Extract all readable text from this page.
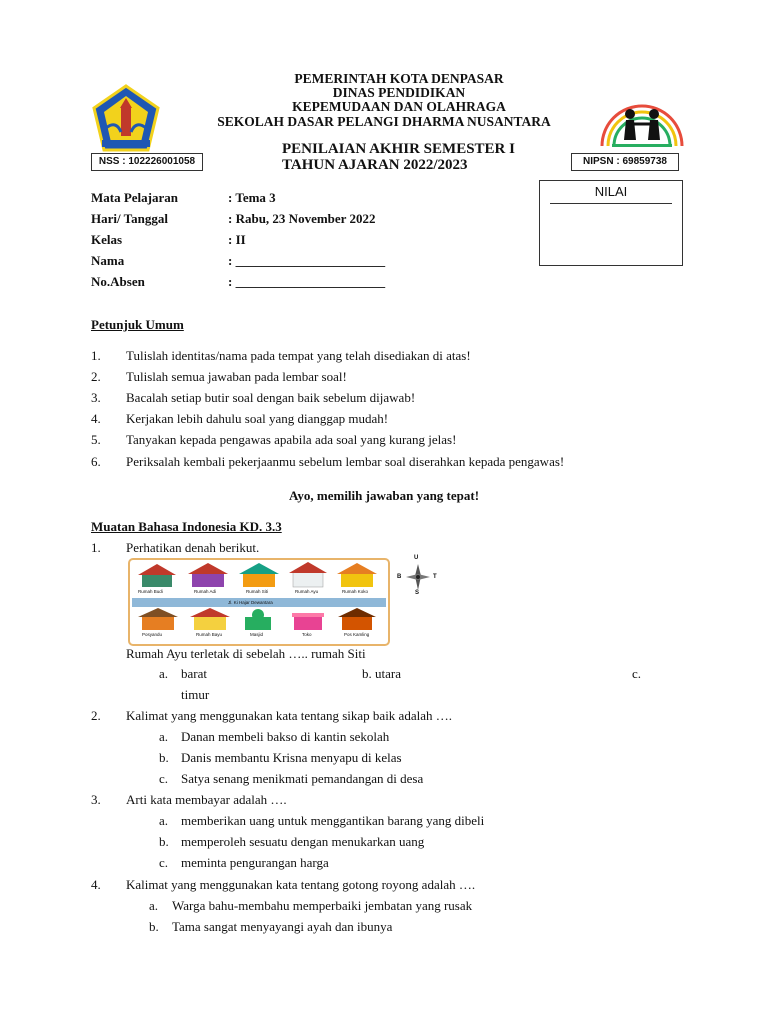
PEMERINTAH KOTA DENPASAR
DINAS PENDIDIKAN
KEPEMUDAAN DAN OLAHRAGA
SEKOLAH DASAR PELANGI DHARMA NUSANTARA
PENILAIAN AKHIR SEMESTER I
TAHUN AJARAN 2022/2023
NSS : 102226001058	NIPSN : 69859738
NILAI
Mata Pelajaran	: Tema 3
Hari/ Tanggal	: Rabu, 23 November 2022
Kelas	: II
Nama	: _______________________
No.Absen	: _______________________
Petunjuk Umum
1. Tulislah identitas/nama pada tempat yang telah disediakan di atas!
2. Tulislah semua jawaban pada lembar soal!
3. Bacalah setiap butir soal dengan baik sebelum dijawab!
4. Kerjakan lebih dahulu soal yang dianggap mudah!
5. Tanyakan kepada pengawas apabila ada soal yang kurang jelas!
6. Periksalah kembali pekerjaanmu sebelum lembar soal diserahkan kepada pengawas!
Ayo, memilih jawaban yang tepat!
Muatan Bahasa Indonesia KD. 3.3
1. Perhatikan denah berikut.
Rumah Budi	Rumah Adi	Rumah Siti	Rumah Ayu	Rumah Koko
Jl. Ki Hajar Dewantara
Posyandu	Rumah Bayu	Masjid	Toko	Pos Kamling
U
S
B	T
Rumah Ayu terletak di sebelah ….. rumah Siti
a. barat	b. utara	c.
timur
2. Kalimat yang menggunakan kata tentang sikap baik adalah ….
a. Danan membeli bakso di kantin sekolah
b. Danis membantu Krisna menyapu di kelas
c. Satya senang menikmati pemandangan di desa
3. Arti kata membayar adalah ….
a. memberikan uang untuk menggantikan barang yang dibeli
b. memperoleh sesuatu dengan menukarkan uang
c. meminta pengurangan harga
4. Kalimat yang menggunakan kata tentang gotong royong adalah ….
a. Warga bahu-membahu memperbaiki jembatan yang rusak
b. Tama sangat menyayangi ayah dan ibunya
